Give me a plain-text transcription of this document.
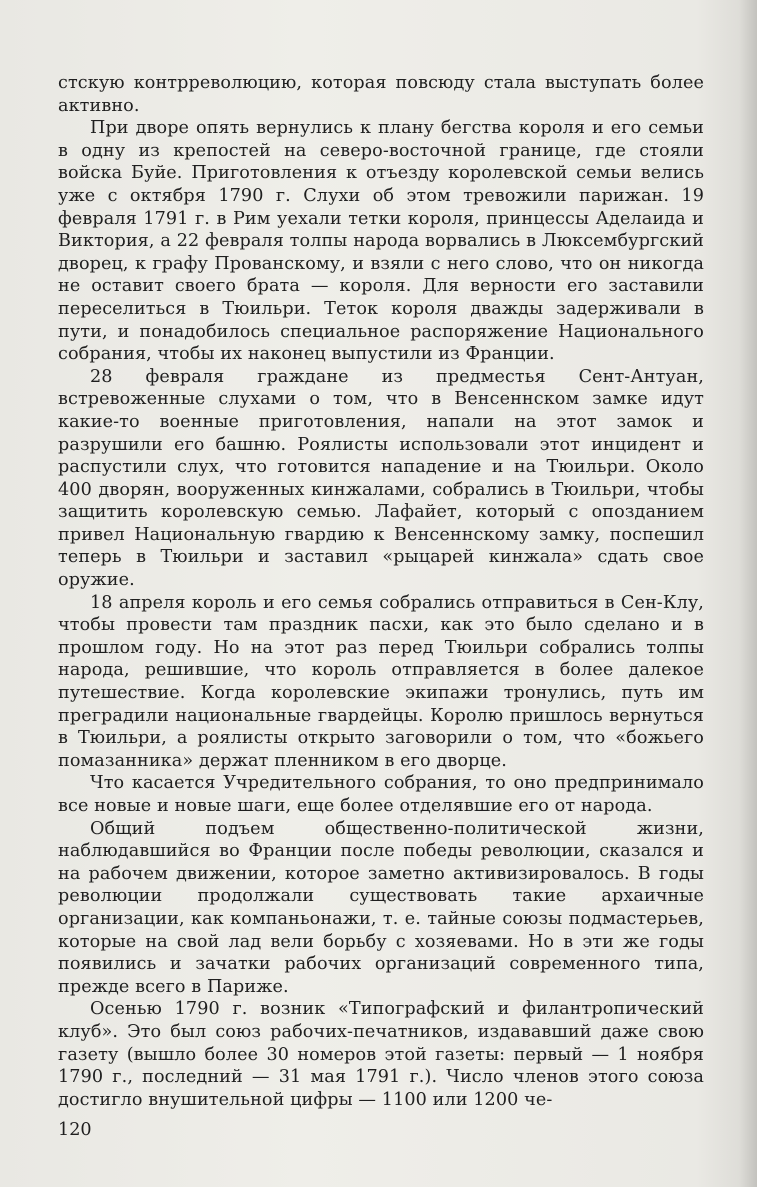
стскую контрреволюцию, которая повсюду стала выступать более активно.

При дворе опять вернулись к плану бегства короля и его семьи в одну из крепостей на северо-восточной границе, где стояли войска Буйе. Приготовления к отъезду королевской семьи велись уже с октября 1790 г. Слухи об этом тревожили парижан. 19 февраля 1791 г. в Рим уехали тетки короля, принцессы Аделаида и Виктория, а 22 февраля толпы народа ворвались в Люксембургский дворец, к графу Прованскому, и взяли с него слово, что он никогда не оставит своего брата — короля. Для верности его заставили переселиться в Тюильри. Теток короля дважды задерживали в пути, и понадобилось специальное распоряжение Национального собрания, чтобы их наконец выпустили из Франции.

28 февраля граждане из предместья Сент-Антуан, встревоженные слухами о том, что в Венсеннском замке идут какие-то военные приготовления, напали на этот замок и разрушили его башню. Роялисты использовали этот инцидент и распустили слух, что готовится нападение и на Тюильри. Около 400 дворян, вооруженных кинжалами, собрались в Тюильри, чтобы защитить королевскую семью. Лафайет, который с опозданием привел Национальную гвардию к Венсеннскому замку, поспешил теперь в Тюильри и заставил «рыцарей кинжала» сдать свое оружие.

18 апреля король и его семья собрались отправиться в Сен-Клу, чтобы провести там праздник пасхи, как это было сделано и в прошлом году. Но на этот раз перед Тюильри собрались толпы народа, решившие, что король отправляется в более далекое путешествие. Когда королевские экипажи тронулись, путь им преградили национальные гвардейцы. Королю пришлось вернуться в Тюильри, а роялисты открыто заговорили о том, что «божьего помазанника» держат пленником в его дворце.

Что касается Учредительного собрания, то оно предпринимало все новые и новые шаги, еще более отделявшие его от народа.

Общий подъем общественно-политической жизни, наблюдавшийся во Франции после победы революции, сказался и на рабочем движении, которое заметно активизировалось. В годы революции продолжали существовать такие архаичные организации, как компаньонажи, т. е. тайные союзы подмастерьев, которые на свой лад вели борьбу с хозяевами. Но в эти же годы появились и зачатки рабочих организаций современного типа, прежде всего в Париже.

Осенью 1790 г. возник «Типографский и филантропический клуб». Это был союз рабочих-печатников, издававший даже свою газету (вышло более 30 номеров этой газеты: первый — 1 ноября 1790 г., последний — 31 мая 1791 г.). Число членов этого союза достигло внушительной цифры — 1100 или 1200 че-

120
